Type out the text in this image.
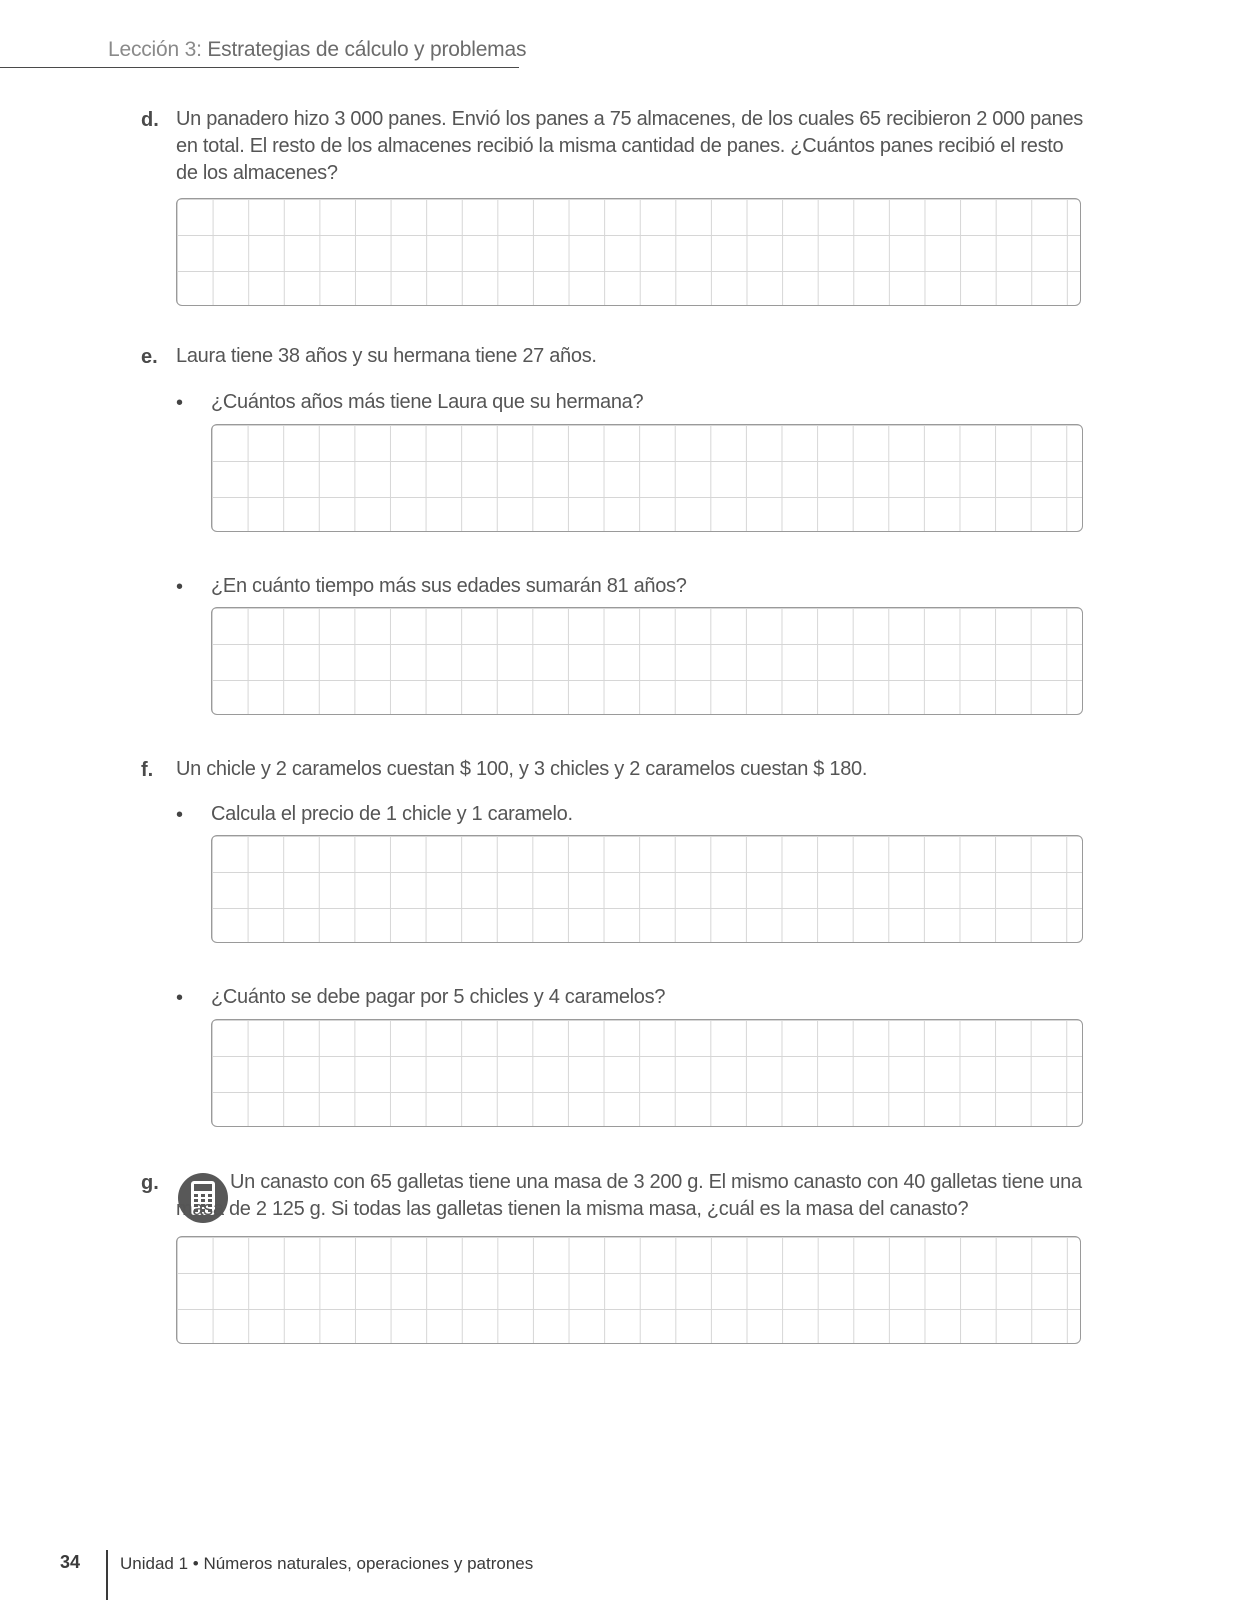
Lección 3: Estrategias de cálculo y problemas
d. Un panadero hizo 3 000 panes. Envió los panes a 75 almacenes, de los cuales 65 recibieron 2 000 panes
en total. El resto de los almacenes recibió la misma cantidad de panes. ¿Cuántos panes recibió el resto
de los almacenes?
e. Laura tiene 38 años y su hermana tiene 27 años.
• ¿Cuántos años más tiene Laura que su hermana?
• ¿En cuánto tiempo más sus edades sumarán 81 años?
f. Un chicle y 2 caramelos cuestan $ 100, y 3 chicles y 2 caramelos cuestan $ 180.
• Calcula el precio de 1 chicle y 1 caramelo.
• ¿Cuánto se debe pagar por 5 chicles y 4 caramelos?
g.	Un canasto con 65 galletas tiene una masa de 3 200 g. El mismo canasto con 40 galletas tiene una
masa de 2 125 g. Si todas las galletas tienen la misma masa, ¿cuál es la masa del canasto?
34 Unidad 1 • Números naturales, operaciones y patrones
